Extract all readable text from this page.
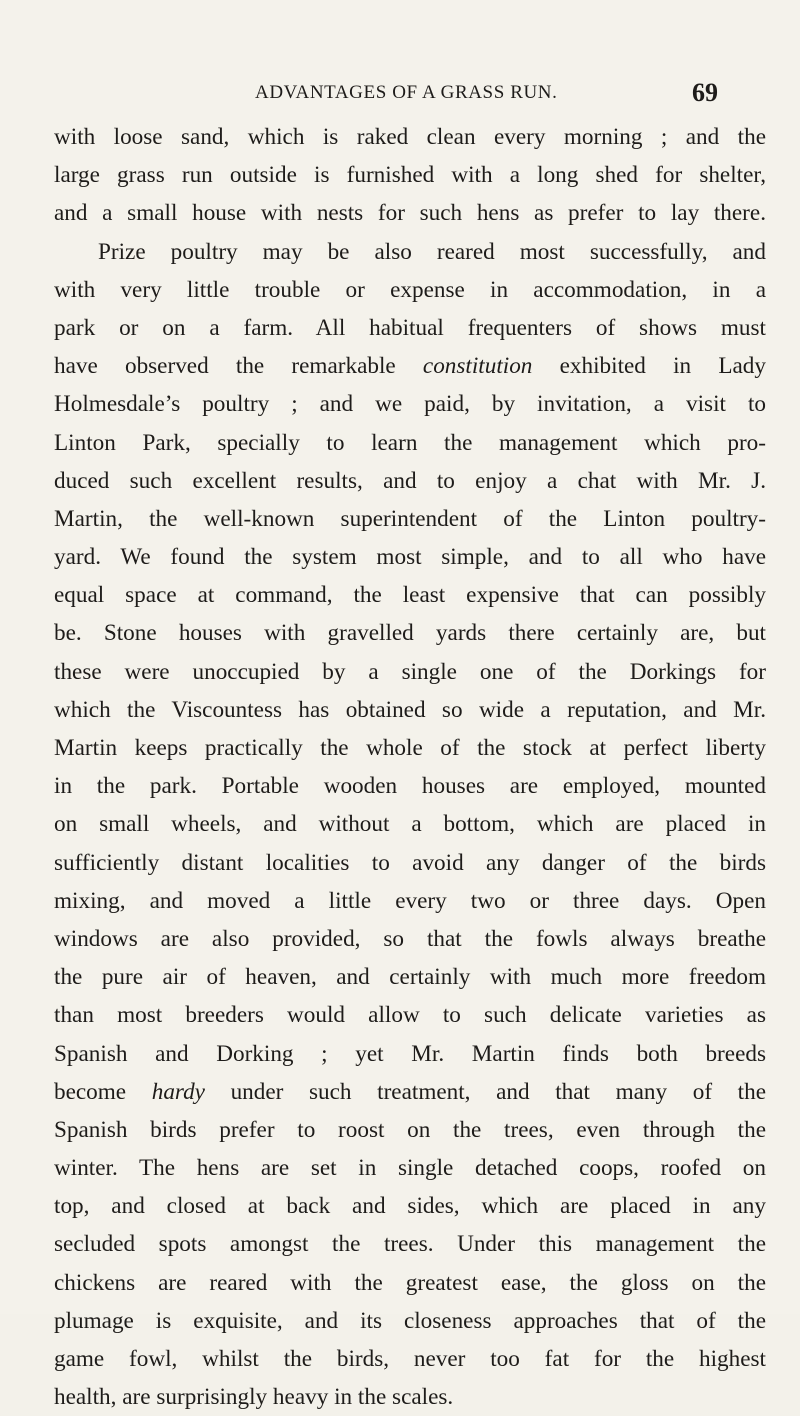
ADVANTAGES OF A GRASS RUN.	69
with loose sand, which is raked clean every morning ; and the
large grass run outside is furnished with a long shed for shelter,
and a small house with nests for such hens as prefer to lay there.
Prize poultry may be also reared most successfully, and
with very little trouble or expense in accommodation, in a
park or on a farm. All habitual frequenters of shows must
have observed the remarkable constitution exhibited in Lady
Holmesdale’s poultry ; and we paid, by invitation, a visit to
Linton Park, specially to learn the management which pro-
duced such excellent results, and to enjoy a chat with Mr. J.
Martin, the well-known superintendent of the Linton poultry-
yard. We found the system most simple, and to all who have
equal space at command, the least expensive that can possibly
be. Stone houses with gravelled yards there certainly are, but
these were unoccupied by a single one of the Dorkings for
which the Viscountess has obtained so wide a reputation, and Mr.
Martin keeps practically the whole of the stock at perfect liberty
in the park. Portable wooden houses are employed, mounted
on small wheels, and without a bottom, which are placed in
sufficiently distant localities to avoid any danger of the birds
mixing, and moved a little every two or three days. Open
windows are also provided, so that the fowls always breathe
the pure air of heaven, and certainly with much more freedom
than most breeders would allow to such delicate varieties as
Spanish and Dorking ; yet Mr. Martin finds both breeds
become hardy under such treatment, and that many of the
Spanish birds prefer to roost on the trees, even through the
winter. The hens are set in single detached coops, roofed on
top, and closed at back and sides, which are placed in any
secluded spots amongst the trees. Under this management the
chickens are reared with the greatest ease, the gloss on the
plumage is exquisite, and its closeness approaches that of the
game fowl, whilst the birds, never too fat for the highest
health, are surprisingly heavy in the scales.
